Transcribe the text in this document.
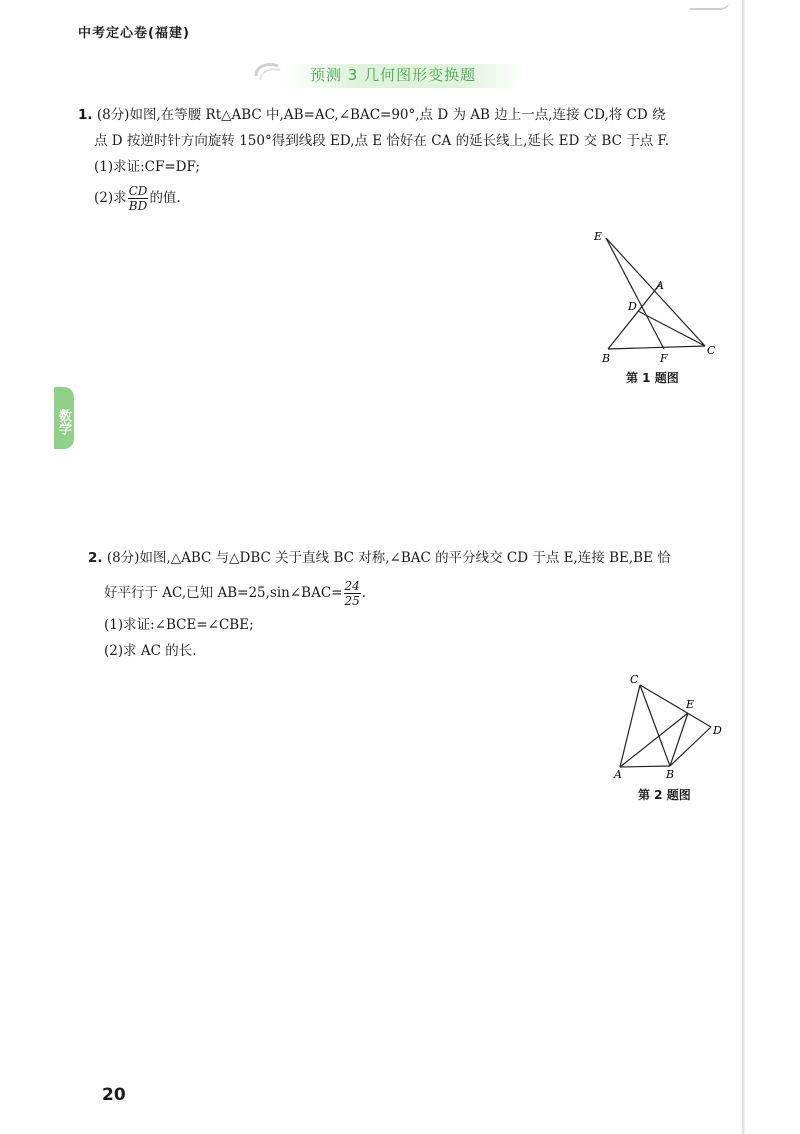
中考定心卷(福建)
预测 3 几何图形变换题
数学
1. (8分)如图,在等腰 Rt△ABC 中,AB=AC,∠BAC=90°,点 D 为 AB 边上一点,连接 CD,将 CD 绕
点 D 按逆时针方向旋转 150°得到线段 ED,点 E 恰好在 CA 的延长线上,延长 ED 交 BC 于点 F.
(1)求证:CF=DF;
(2)求 $\frac{CD}{BD}$ 的值.
E
A
D
B	F
C
第 1 题图
2. (8分)如图,△ABC 与△DBC 关于直线 BC 对称,∠BAC 的平分线交 CD 于点 E,连接 BE,BE 恰
好平行于 AC,已知 AB=25,sin∠BAC= $\frac{24}{25}$ .
(1)求证:∠BCE=∠CBE;
(2)求 AC 的长.
C
E
D
A	B
第 2 题图
20
